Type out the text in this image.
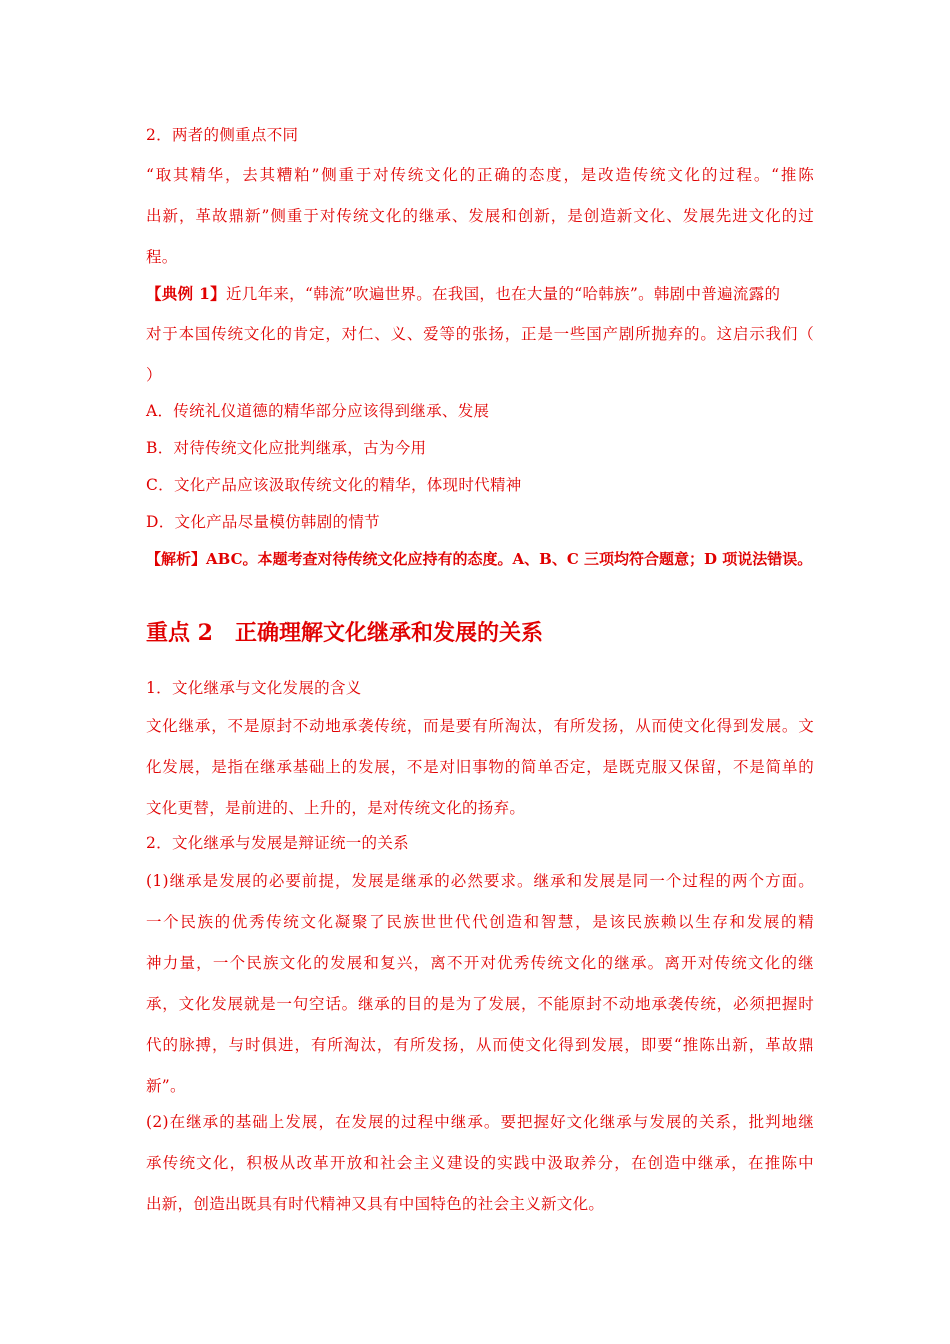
2．两者的侧重点不同
“取其精华，去其糟粕”侧重于对传统文化的正确的态度，是改造传统文化的过程。“推陈
出新，革故鼎新”侧重于对传统文化的继承、发展和创新，是创造新文化、发展先进文化的过
程。
【典例 1】近几年来，“韩流”吹遍世界。在我国，也在大量的“哈韩族”。韩剧中普遍流露的
对于本国传统文化的肯定，对仁、义、爱等的张扬，正是一些国产剧所抛弃的。这启示我们（
）
A．传统礼仪道德的精华部分应该得到继承、发展
B．对待传统文化应批判继承，古为今用
C．文化产品应该汲取传统文化的精华，体现时代精神
D．文化产品尽量模仿韩剧的情节
【解析】ABC。本题考查对待传统文化应持有的态度。A、B、C 三项均符合题意；D 项说法错误。
重点 2　正确理解文化继承和发展的关系
1．文化继承与文化发展的含义
文化继承，不是原封不动地承袭传统，而是要有所淘汰，有所发扬，从而使文化得到发展。文
化发展，是指在继承基础上的发展，不是对旧事物的简单否定，是既克服又保留，不是简单的
文化更替，是前进的、上升的，是对传统文化的扬弃。
2．文化继承与发展是辩证统一的关系
(1)继承是发展的必要前提，发展是继承的必然要求。继承和发展是同一个过程的两个方面。
一个民族的优秀传统文化凝聚了民族世世代代创造和智慧，是该民族赖以生存和发展的精
神力量，一个民族文化的发展和复兴，离不开对优秀传统文化的继承。离开对传统文化的继
承，文化发展就是一句空话。继承的目的是为了发展，不能原封不动地承袭传统，必须把握时
代的脉搏，与时俱进，有所淘汰，有所发扬，从而使文化得到发展，即要“推陈出新，革故鼎
新”。
(2)在继承的基础上发展，在发展的过程中继承。要把握好文化继承与发展的关系，批判地继
承传统文化，积极从改革开放和社会主义建设的实践中汲取养分，在创造中继承，在推陈中
出新，创造出既具有时代精神又具有中国特色的社会主义新文化。
